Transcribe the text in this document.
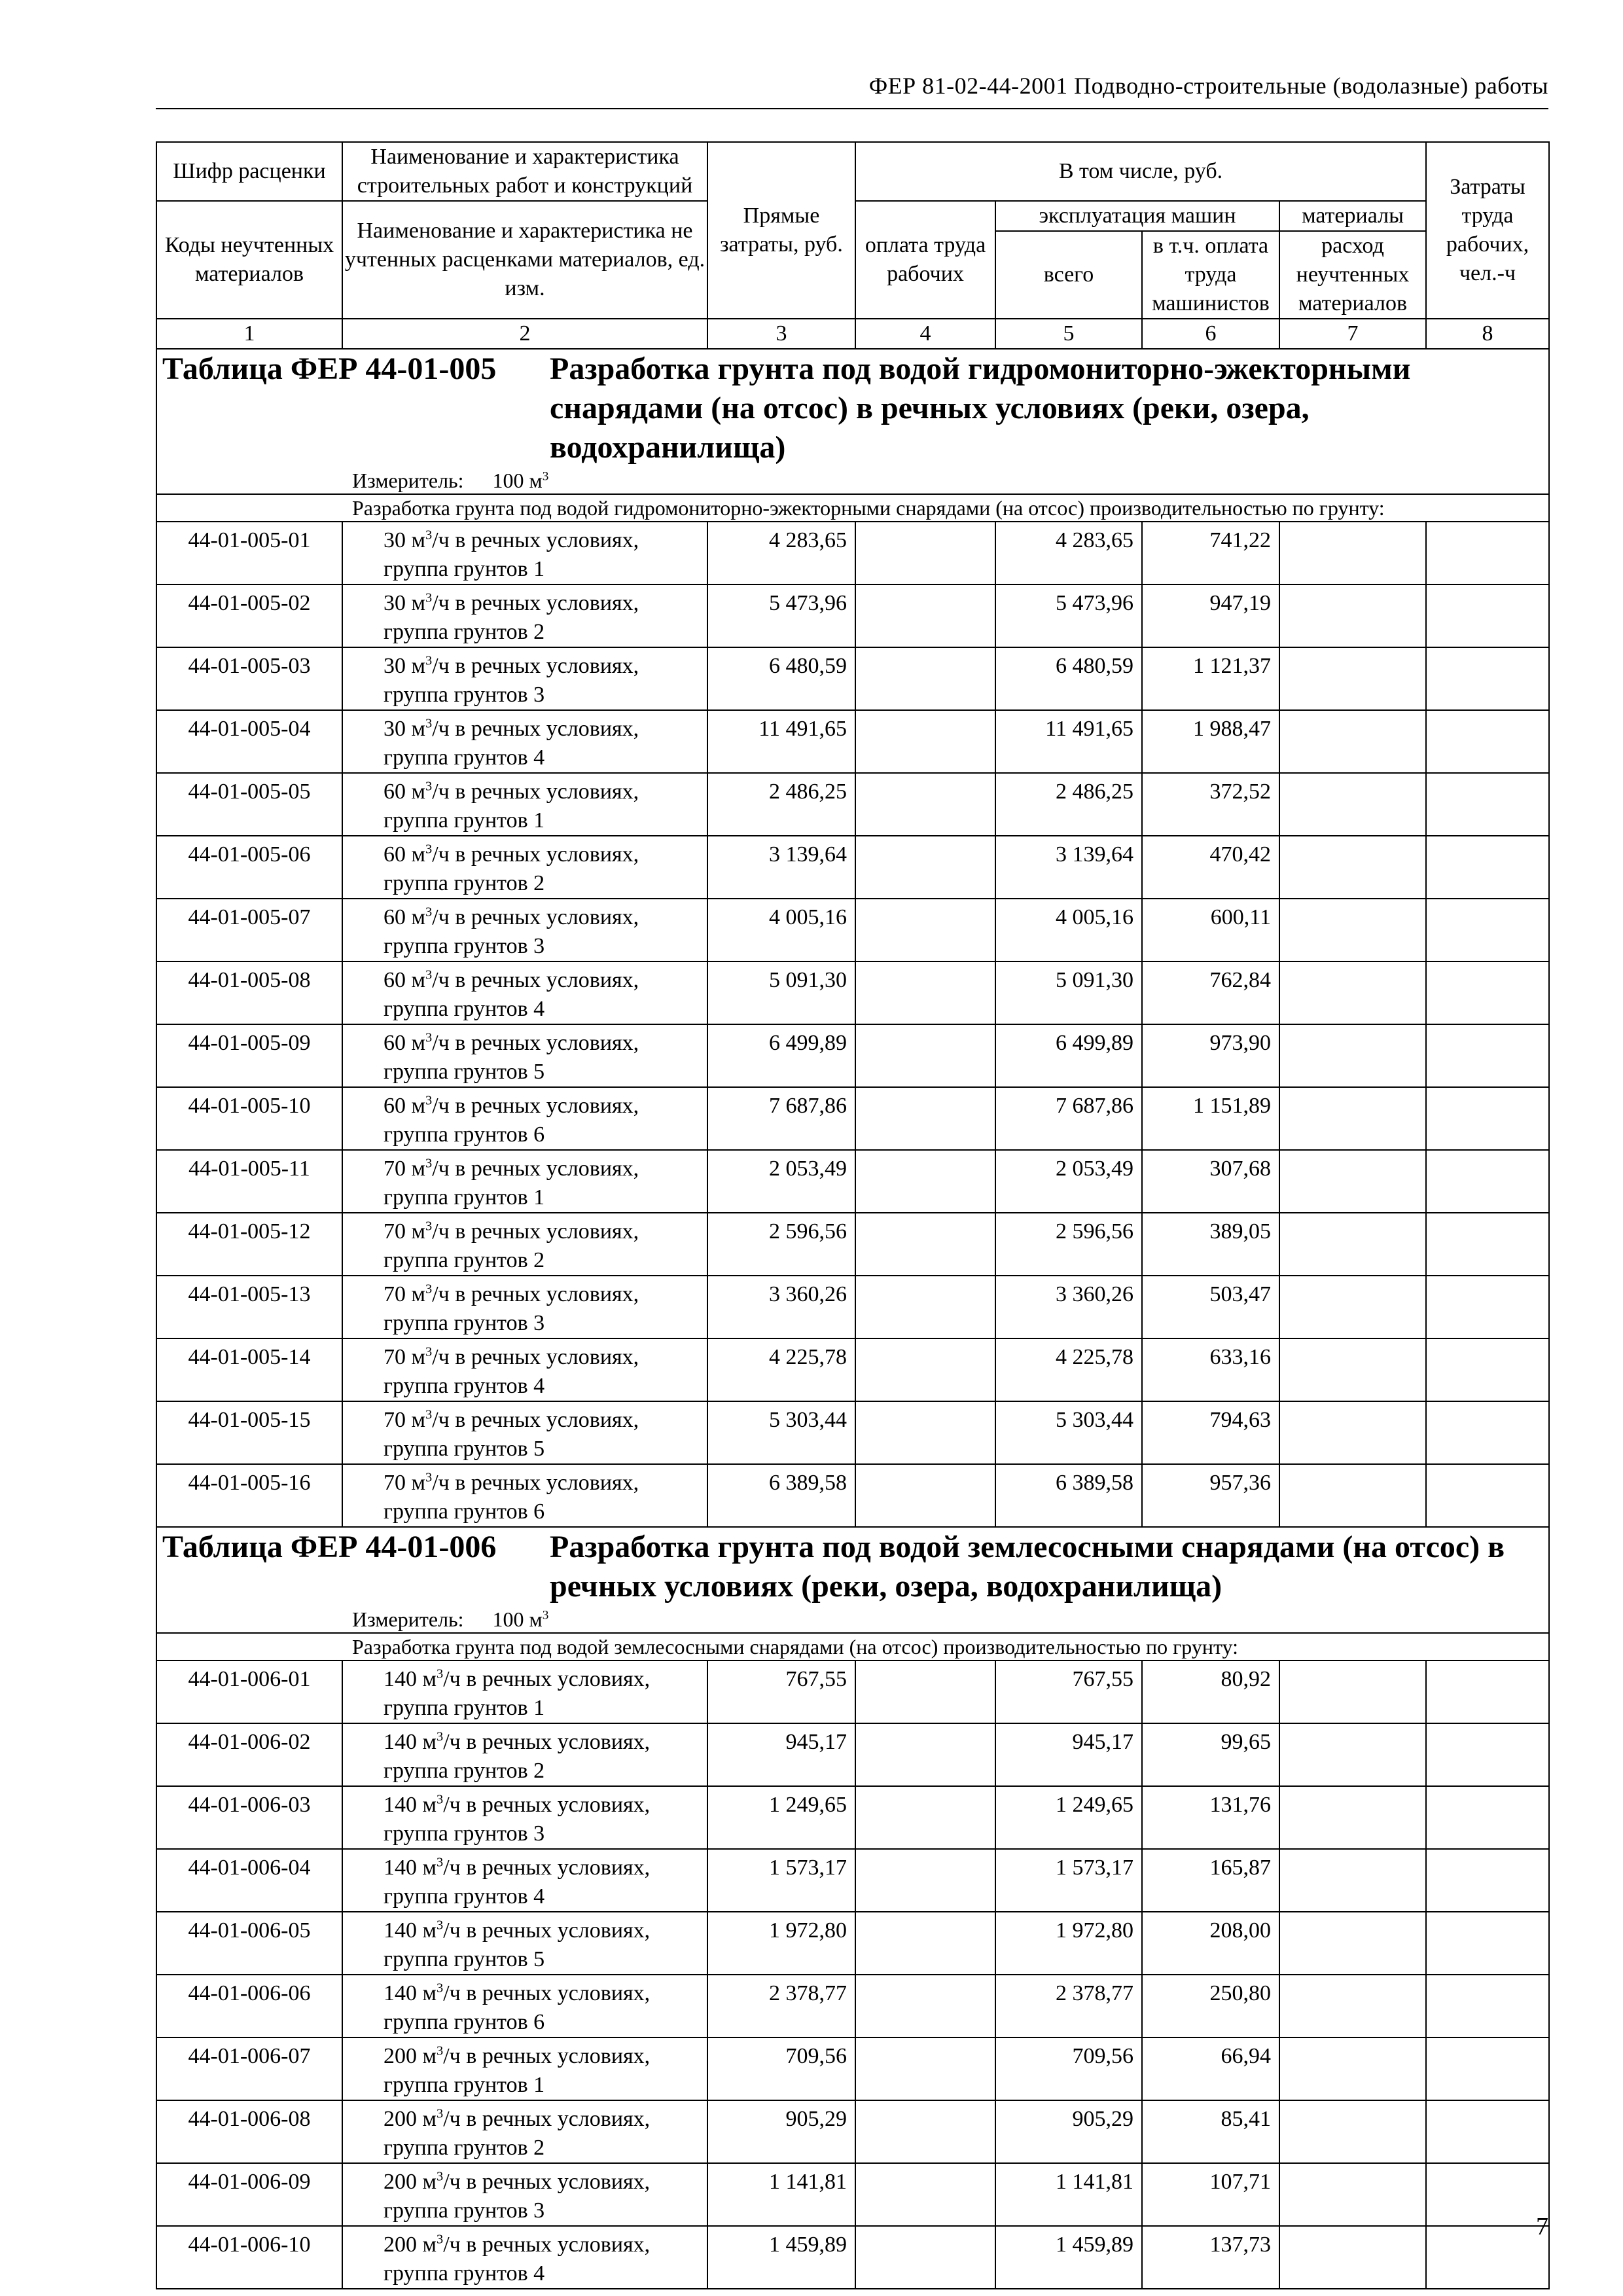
ФЕР 81-02-44-2001 Подводно-строительные (водолазные) работы
Шифр расценки	Наименование и характеристика строительных работ и конструкций	Прямые затраты, руб.	В том числе, руб.				Затраты труда рабочих, чел.-ч
Коды неучтенных материалов	Наименование и характеристика не учтенных расценками материалов, ед. изм.		оплата труда рабочих	эксплуатация машин		материалы	
				всего	в т.ч. оплата труда машинистов	расход неучтенных материалов	
1	2	3	4	5	6	7	8

Таблица ФЕР 44-01-005 Разработка грунта под водой гидромониторно-эжекторными снарядами (на отсос) в речных условиях (реки, озера, водохранилища)
Измеритель: 100 $м^3$

Разработка грунта под водой гидромониторно-эжекторными снарядами (на отсос) производительностью по грунту:							
44-01-005-01	30 $м^3/ч$ в речных условиях,
группа грунтов 1	4 283,65		4 283,65	741,22		
44-01-005-02	30 $м^3/ч$ в речных условиях,
группа грунтов 2	5 473,96		5 473,96	947,19		
44-01-005-03	30 $м^3/ч$ в речных условиях,
группа грунтов 3	6 480,59		6 480,59	1 121,37		
44-01-005-04	30 $м^3/ч$ в речных условиях,
группа грунтов 4	11 491,65		11 491,65	1 988,47		
44-01-005-05	60 $м^3/ч$ в речных условиях,
группа грунтов 1	2 486,25		2 486,25	372,52		
44-01-005-06	60 $м^3/ч$ в речных условиях,
группа грунтов 2	3 139,64		3 139,64	470,42		
44-01-005-07	60 $м^3/ч$ в речных условиях,
группа грунтов 3	4 005,16		4 005,16	600,11		
44-01-005-08	60 $м^3/ч$ в речных условиях,
группа грунтов 4	5 091,30		5 091,30	762,84		
44-01-005-09	60 $м^3/ч$ в речных условиях,
группа грунтов 5	6 499,89		6 499,89	973,90		
44-01-005-10	60 $м^3/ч$ в речных условиях,
группа грунтов 6	7 687,86		7 687,86	1 151,89		
44-01-005-11	70 $м^3/ч$ в речных условиях,
группа грунтов 1	2 053,49		2 053,49	307,68		
44-01-005-12	70 $м^3/ч$ в речных условиях,
группа грунтов 2	2 596,56		2 596,56	389,05		
44-01-005-13	70 $м^3/ч$ в речных условиях,
группа грунтов 3	3 360,26		3 360,26	503,47		
44-01-005-14	70 $м^3/ч$ в речных условиях,
группа грунтов 4	4 225,78		4 225,78	633,16		
44-01-005-15	70 $м^3/ч$ в речных условиях,
группа грунтов 5	5 303,44		5 303,44	794,63		
44-01-005-16	70 $м^3/ч$ в речных условиях,
группа грунтов 6	6 389,58		6 389,58	957,36		

Таблица ФЕР 44-01-006 Разработка грунта под водой землесосными снарядами (на отсос) в речных условиях (реки, озера, водохранилища)
Измеритель: 100 $м^3$

Разработка грунта под водой землесосными снарядами (на отсос) производительностью по грунту:							
44-01-006-01	140 $м^3/ч$ в речных условиях,
группа грунтов 1	767,55		767,55	80,92		
44-01-006-02	140 $м^3/ч$ в речных условиях,
группа грунтов 2	945,17		945,17	99,65		
44-01-006-03	140 $м^3/ч$ в речных условиях,
группа грунтов 3	1 249,65		1 249,65	131,76		
44-01-006-04	140 $м^3/ч$ в речных условиях,
группа грунтов 4	1 573,17		1 573,17	165,87		
44-01-006-05	140 $м^3/ч$ в речных условиях,
группа грунтов 5	1 972,80		1 972,80	208,00		
44-01-006-06	140 $м^3/ч$ в речных условиях,
группа грунтов 6	2 378,77		2 378,77	250,80		
44-01-006-07	200 $м^3/ч$ в речных условиях,
группа грунтов 1	709,56		709,56	66,94		
44-01-006-08	200 $м^3/ч$ в речных условиях,
группа грунтов 2	905,29		905,29	85,41		
44-01-006-09	200 $м^3/ч$ в речных условиях,
группа грунтов 3	1 141,81		1 141,81	107,71		
44-01-006-10	200 $м^3/ч$ в речных условиях,
группа грунтов 4	1 459,89		1 459,89	137,73		
7
